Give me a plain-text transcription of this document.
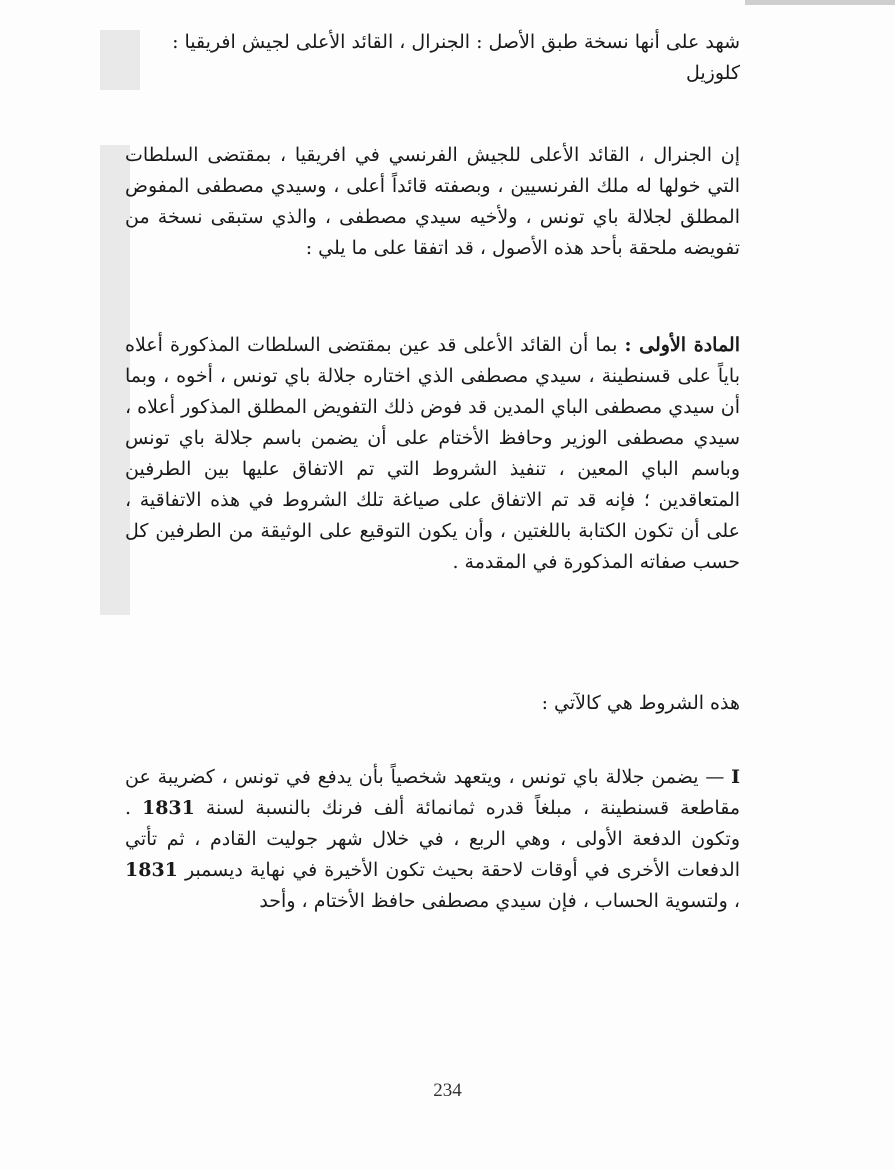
شهد على أنها نسخة طبق الأصل : الجنرال ، القائد الأعلى لجيش افريقيا :

كلوزيل

إن الجنرال ، القائد الأعلى للجيش الفرنسي في افريقيا ، بمقتضى السلطات التي خولها له ملك الفرنسيين ، وبصفته قائداً أعلى ، وسيدي مصطفى المفوض المطلق لجلالة باي تونس ، ولأخيه سيدي مصطفى ، والذي ستبقى نسخة من تفويضه ملحقة بأحد هذه الأصول ، قد اتفقا على ما يلي :

المادة الأولى : بما أن القائد الأعلى قد عين بمقتضى السلطات المذكورة أعلاه باياً على قسنطينة ، سيدي مصطفى الذي اختاره جلالة باي تونس ، أخوه ، وبما أن سيدي مصطفى الباي المدين قد فوض ذلك التفويض المطلق المذكور أعلاه ، سيدي مصطفى الوزير وحافظ الأختام على أن يضمن باسم جلالة باي تونس وباسم الباي المعين ، تنفيذ الشروط التي تم الاتفاق عليها بين الطرفين المتعاقدين ؛ فإنه قد تم الاتفاق على صياغة تلك الشروط في هذه الاتفاقية ، على أن تكون الكتابة باللغتين ، وأن يكون التوقيع على الوثيقة من الطرفين كل حسب صفاته المذكورة في المقدمة .

هذه الشروط هي كالآتي :

I — يضمن جلالة باي تونس ، ويتعهد شخصياً بأن يدفع في تونس ، كضريبة عن مقاطعة قسنطينة ، مبلغاً قدره ثمانمائة ألف فرنك بالنسبة لسنة 1831 . وتكون الدفعة الأولى ، وهي الربع ، في خلال شهر جوليت القادم ، ثم تأتي الدفعات الأخرى في أوقات لاحقة بحيث تكون الأخيرة في نهاية ديسمبر 1831 ، ولتسوية الحساب ، فإن سيدي مصطفى حافظ الأختام ، وأحد

234
